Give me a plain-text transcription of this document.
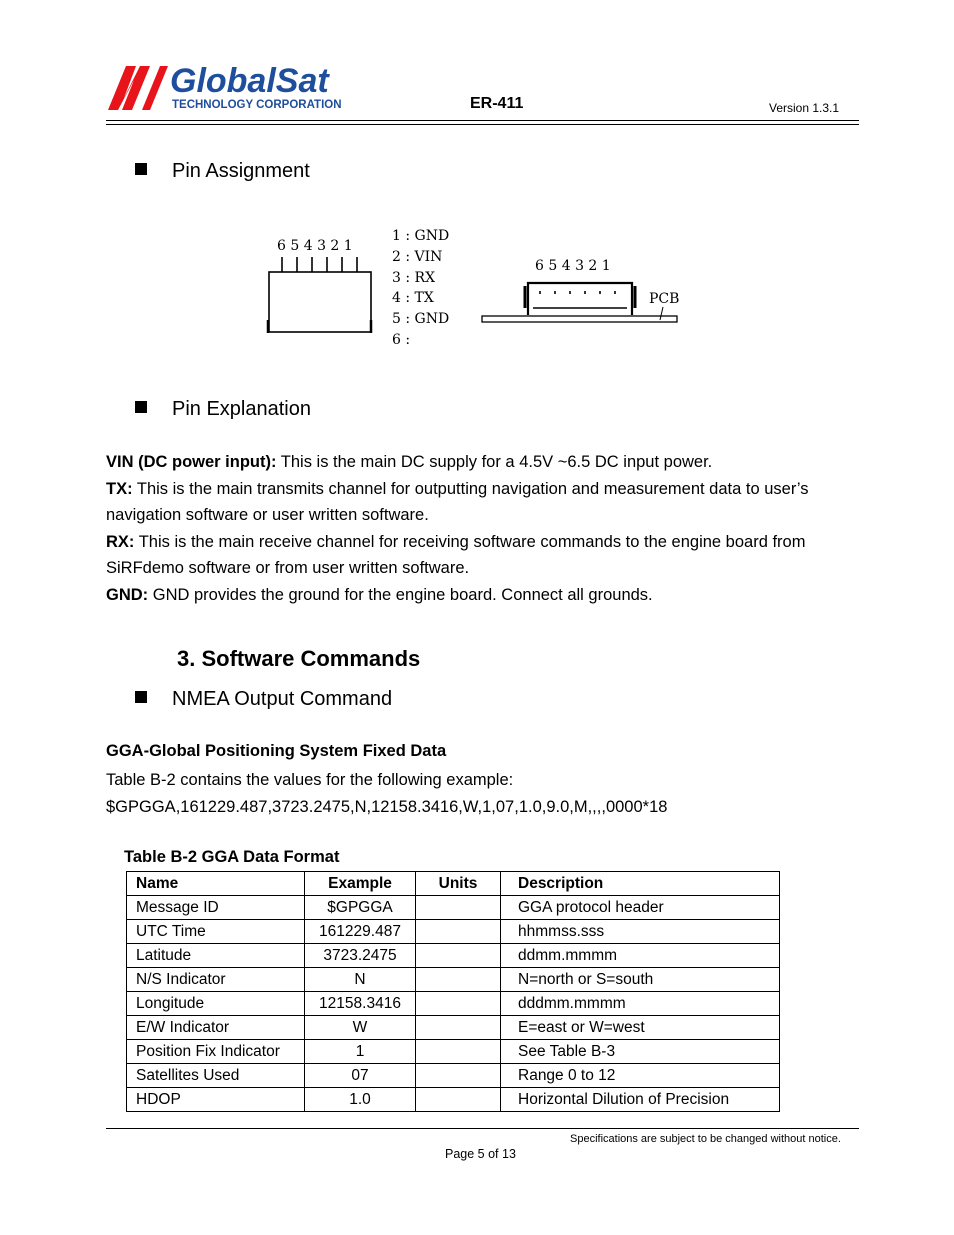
GlobalSat
TECHNOLOGY CORPORATION	ER-411	Version 1.3.1
Pin Assignment
6 5 4 3 2 1
1 : GND
2 : VIN
3 : RX
4 : TX
5 : GND
6 :
6 5 4 3 2 1
PCB
Pin Explanation
VIN (DC power input): This is the main DC supply for a 4.5V ~6.5 DC input power.
TX: This is the main transmits channel for outputting navigation and measurement data to user’s navigation software or user written software.
RX: This is the main receive channel for receiving software commands to the engine board from SiRFdemo software or from user written software.
GND: GND provides the ground for the engine board. Connect all grounds.
3. Software Commands
NMEA Output Command
GGA-Global Positioning System Fixed Data
Table B-2 contains the values for the following example:
$GPGGA,161229.487,3723.2475,N,12158.3416,W,1,07,1.0,9.0,M,,,,0000*18
Table B-2 GGA Data Format
Name	Example	Units	Description
Message ID	$GPGGA		GGA protocol header
UTC Time	161229.487		hhmmss.sss
Latitude	3723.2475		ddmm.mmmm
N/S Indicator	N		N=north or S=south
Longitude	12158.3416		dddmm.mmmm
E/W Indicator	W		E=east or W=west
Position Fix Indicator	1		See Table B-3
Satellites Used	07		Range 0 to 12
HDOP	1.0		Horizontal Dilution of Precision
Specifications are subject to be changed without notice.
Page 5 of 13
